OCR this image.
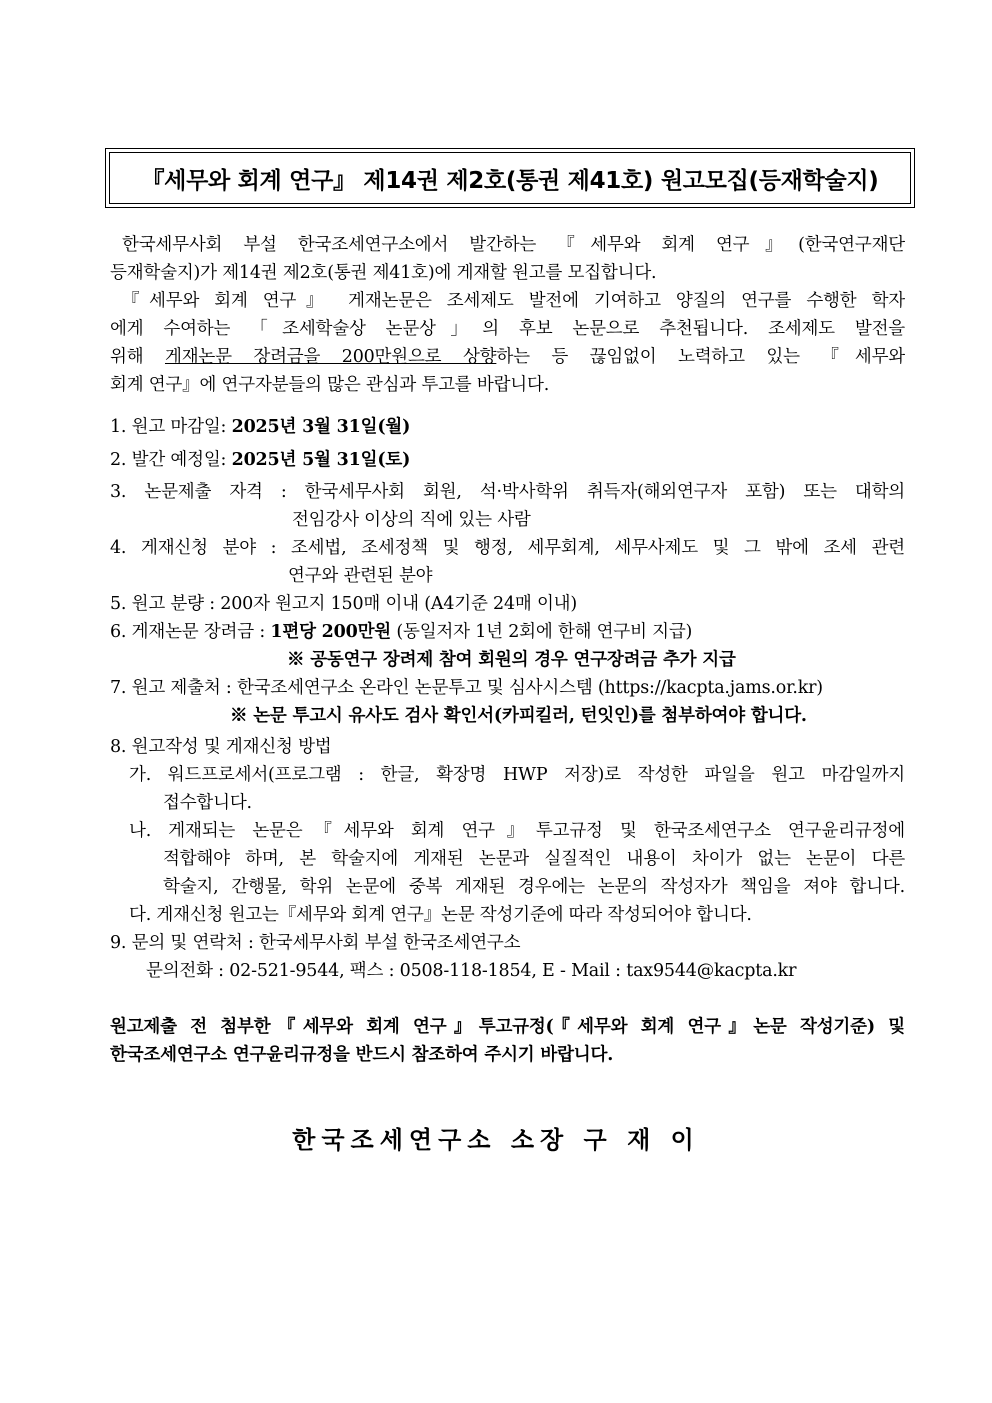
『세무와 회계 연구』 제14권 제2호(통권 제41호) 원고모집(등재학술지)
한국세무사회 부설 한국조세연구소에서 발간하는 『세무와 회계 연구』(한국연구재단
등재학술지)가 제14권 제2호(통권 제41호)에 게재할 원고를 모집합니다.
『세무와 회계 연구』 게재논문은 조세제도 발전에 기여하고 양질의 연구를 수행한 학자
에게 수여하는 「조세학술상 논문상」의 후보 논문으로 추천됩니다. 조세제도 발전을
위해 게재논문 장려금을 200만원으로 상향하는 등 끊임없이 노력하고 있는 『세무와
회계 연구』에 연구자분들의 많은 관심과 투고를 바랍니다.
1. 원고 마감일: 2025년 3월 31일(월)
2. 발간 예정일: 2025년 5월 31일(토)
3. 논문제출 자격 : 한국세무사회 회원, 석·박사학위 취득자(해외연구자 포함) 또는 대학의
전임강사 이상의 직에 있는 사람
4. 게재신청 분야 : 조세법, 조세정책 및 행정, 세무회계, 세무사제도 및 그 밖에 조세 관련
연구와 관련된 분야
5. 원고 분량 : 200자 원고지 150매 이내 (A4기준 24매 이내)
6. 게재논문 장려금 : 1편당 200만원 (동일저자 1년 2회에 한해 연구비 지급)
※ 공동연구 장려제 참여 회원의 경우 연구장려금 추가 지급
7. 원고 제출처 : 한국조세연구소 온라인 논문투고 및 심사시스템 (https://kacpta.jams.or.kr)
※ 논문 투고시 유사도 검사 확인서(카피킬러, 턴잇인)를 첨부하여야 합니다.
8. 원고작성 및 게재신청 방법
가. 워드프로세서(프로그램 : 한글, 확장명 HWP 저장)로 작성한 파일을 원고 마감일까지
접수합니다.
나. 게재되는 논문은『세무와 회계 연구』투고규정 및 한국조세연구소 연구윤리규정에
적합해야 하며, 본 학술지에 게재된 논문과 실질적인 내용이 차이가 없는 논문이 다른
학술지, 간행물, 학위 논문에 중복 게재된 경우에는 논문의 작성자가 책임을 져야 합니다.
다. 게재신청 원고는『세무와 회계 연구』논문 작성기준에 따라 작성되어야 합니다.
9. 문의 및 연락처 : 한국세무사회 부설 한국조세연구소
문의전화 : 02-521-9544, 팩스 : 0508-118-1854, E - Mail : tax9544@kacpta.kr
원고제출 전 첨부한『세무와 회계 연구』투고규정(『세무와 회계 연구』논문 작성기준) 및
한국조세연구소 연구윤리규정을 반드시 참조하여 주시기 바랍니다.
한국조세연구소 소장 구 재 이
